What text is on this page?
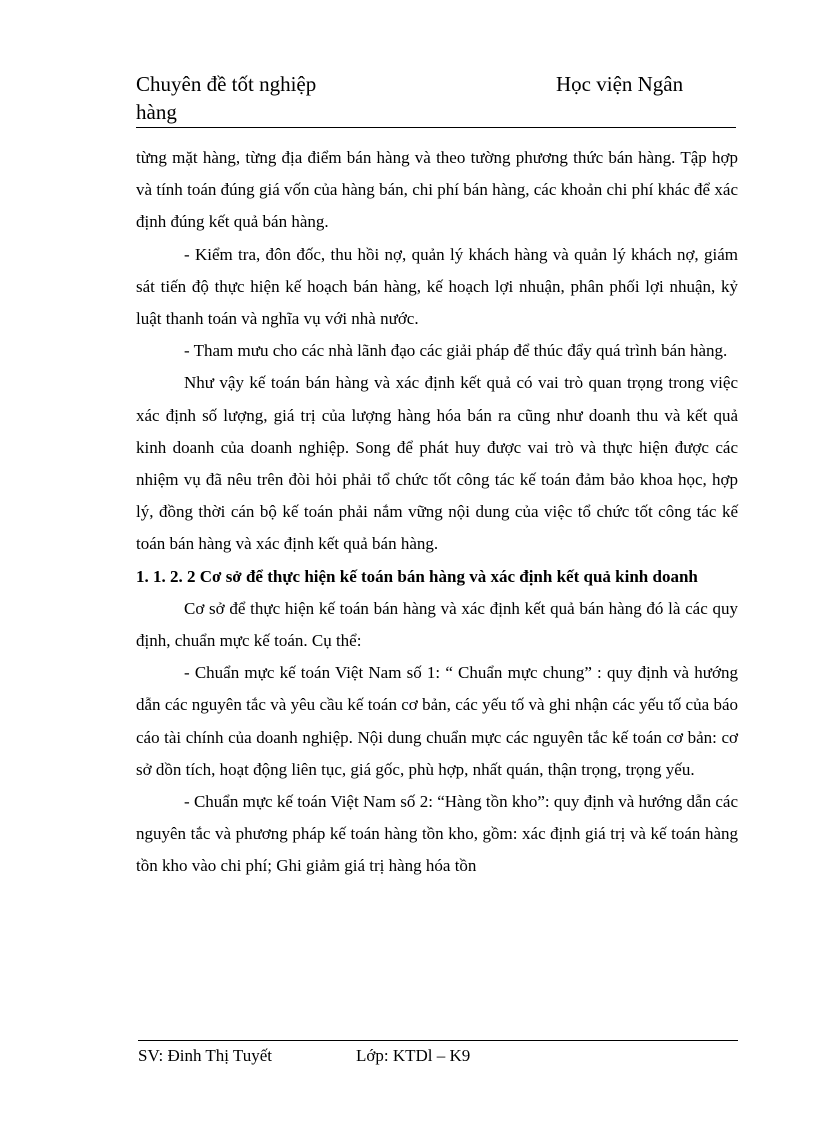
Chuyên đề tốt nghiệp	Học viện Ngân
hàng

từng mặt hàng, từng địa điểm bán hàng và theo tường phương thức bán hàng. Tập hợp và tính toán đúng giá vốn của hàng bán, chi phí bán hàng, các khoản chi phí khác để xác định đúng kết quả bán hàng.

- Kiểm tra, đôn đốc, thu hồi nợ, quản lý khách hàng và quản lý khách nợ, giám sát tiến độ thực hiện kế hoạch bán hàng, kế hoạch lợi nhuận, phân phối lợi nhuận, kỷ luật thanh toán và nghĩa vụ với nhà nước.

- Tham mưu cho các nhà lãnh đạo các giải pháp để thúc đẩy quá trình bán hàng.

Như vậy kế toán bán hàng và xác định kết quả có vai trò quan trọng trong việc xác định số lượng, giá trị của lượng hàng hóa bán ra cũng như doanh thu và kết quả kinh doanh của doanh nghiệp. Song để phát huy được vai trò và thực hiện được các nhiệm vụ đã nêu trên đòi hỏi phải tổ chức tốt công tác kế toán đảm bảo khoa học, hợp lý, đồng thời cán bộ kế toán phải nắm vững nội dung của việc tổ chức tốt công tác kế toán bán hàng và xác định kết quả bán hàng.

1. 1. 2. 2 Cơ sở để thực hiện kế toán bán hàng và xác định kết quả kinh doanh

Cơ sở để thực hiện kế toán bán hàng và xác định kết quả bán hàng đó là các quy định, chuẩn mực kế toán. Cụ thể:

- Chuẩn mực kế toán Việt Nam số 1: “ Chuẩn mực chung” : quy định và hướng dẫn các nguyên tắc và yêu cầu kế toán cơ bản, các yếu tố và ghi nhận các yếu tố của báo cáo tài chính của doanh nghiệp. Nội dung chuẩn mực các nguyên tắc kế toán cơ bản: cơ sở dồn tích, hoạt động liên tục, giá gốc, phù hợp, nhất quán, thận trọng, trọng yếu.

- Chuẩn mực kế toán Việt Nam số 2: “Hàng tồn kho”: quy định và hướng dẫn các nguyên tắc và phương pháp kế toán hàng tồn kho, gồm: xác định giá trị và kế toán hàng tồn kho vào chi phí; Ghi giảm giá trị hàng hóa tồn

SV: Đinh Thị Tuyết	Lớp: KTDl – K9
